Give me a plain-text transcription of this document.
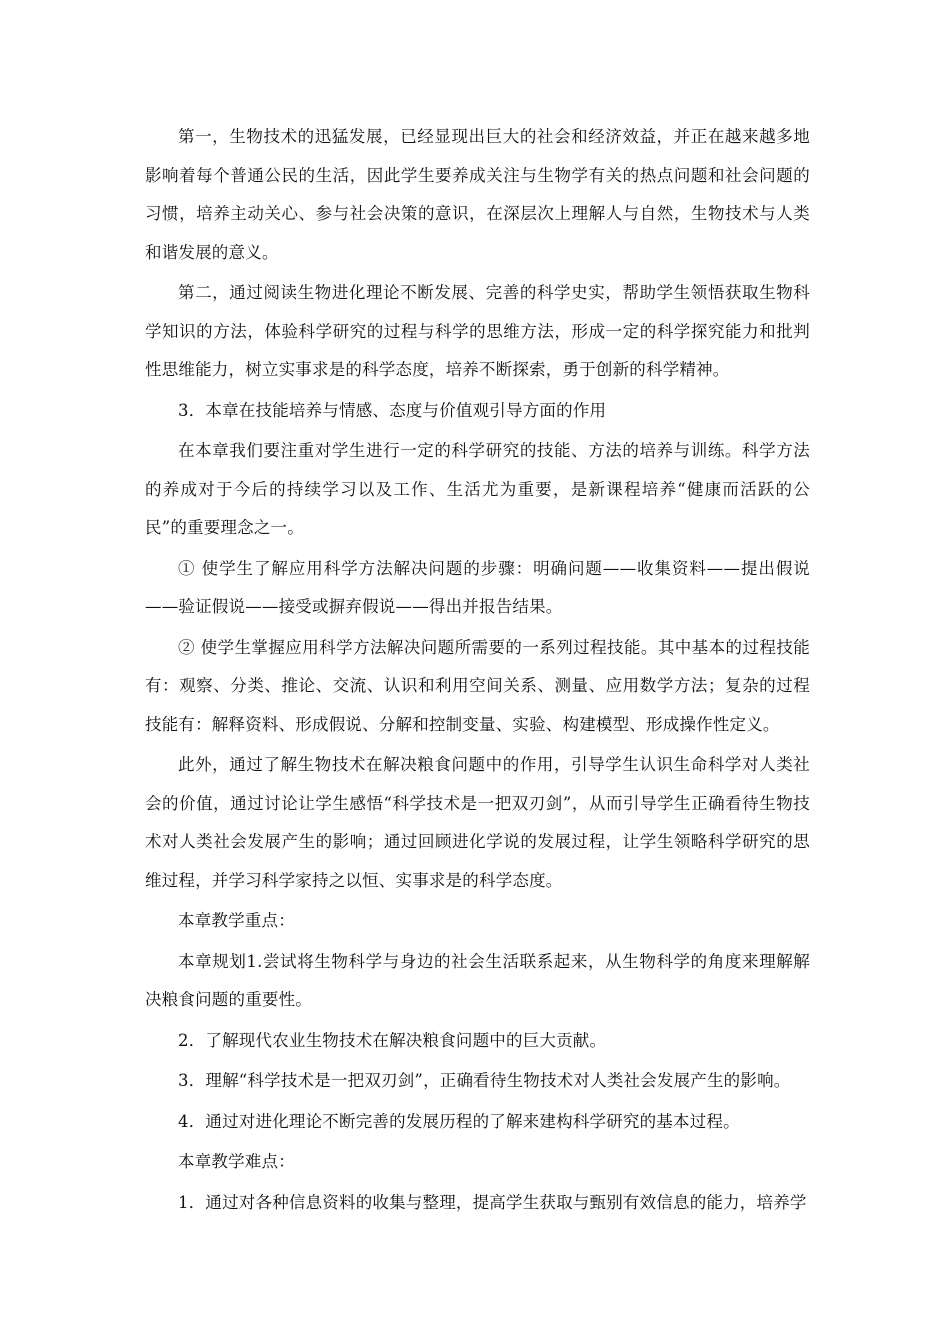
第一，生物技术的迅猛发展，已经显现出巨大的社会和经济效益，并正在越来越多地影响着每个普通公民的生活，因此学生要养成关注与生物学有关的热点问题和社会问题的习惯，培养主动关心、参与社会决策的意识，在深层次上理解人与自然，生物技术与人类和谐发展的意义。

第二，通过阅读生物进化理论不断发展、完善的科学史实，帮助学生领悟获取生物科学知识的方法，体验科学研究的过程与科学的思维方法，形成一定的科学探究能力和批判性思维能力，树立实事求是的科学态度，培养不断探索，勇于创新的科学精神。

3．本章在技能培养与情感、态度与价值观引导方面的作用

在本章我们要注重对学生进行一定的科学研究的技能、方法的培养与训练。科学方法的养成对于今后的持续学习以及工作、生活尤为重要，是新课程培养“健康而活跃的公民”的重要理念之一。

① 使学生了解应用科学方法解决问题的步骤：明确问题——收集资料——提出假说——验证假说——接受或摒弃假说——得出并报告结果。

② 使学生掌握应用科学方法解决问题所需要的一系列过程技能。其中基本的过程技能有：观察、分类、推论、交流、认识和利用空间关系、测量、应用数学方法；复杂的过程技能有：解释资料、形成假说、分解和控制变量、实验、构建模型、形成操作性定义。

此外，通过了解生物技术在解决粮食问题中的作用，引导学生认识生命科学对人类社会的价值，通过讨论让学生感悟“科学技术是一把双刃剑”，从而引导学生正确看待生物技术对人类社会发展产生的影响；通过回顾进化学说的发展过程，让学生领略科学研究的思维过程，并学习科学家持之以恒、实事求是的科学态度。

本章教学重点：

本章规划1.尝试将生物科学与身边的社会生活联系起来，从生物科学的角度来理解解决粮食问题的重要性。

2．了解现代农业生物技术在解决粮食问题中的巨大贡献。

3．理解“科学技术是一把双刃剑”，正确看待生物技术对人类社会发展产生的影响。

4．通过对进化理论不断完善的发展历程的了解来建构科学研究的基本过程。

本章教学难点：

1．通过对各种信息资料的收集与整理，提高学生获取与甄别有效信息的能力，培养学
